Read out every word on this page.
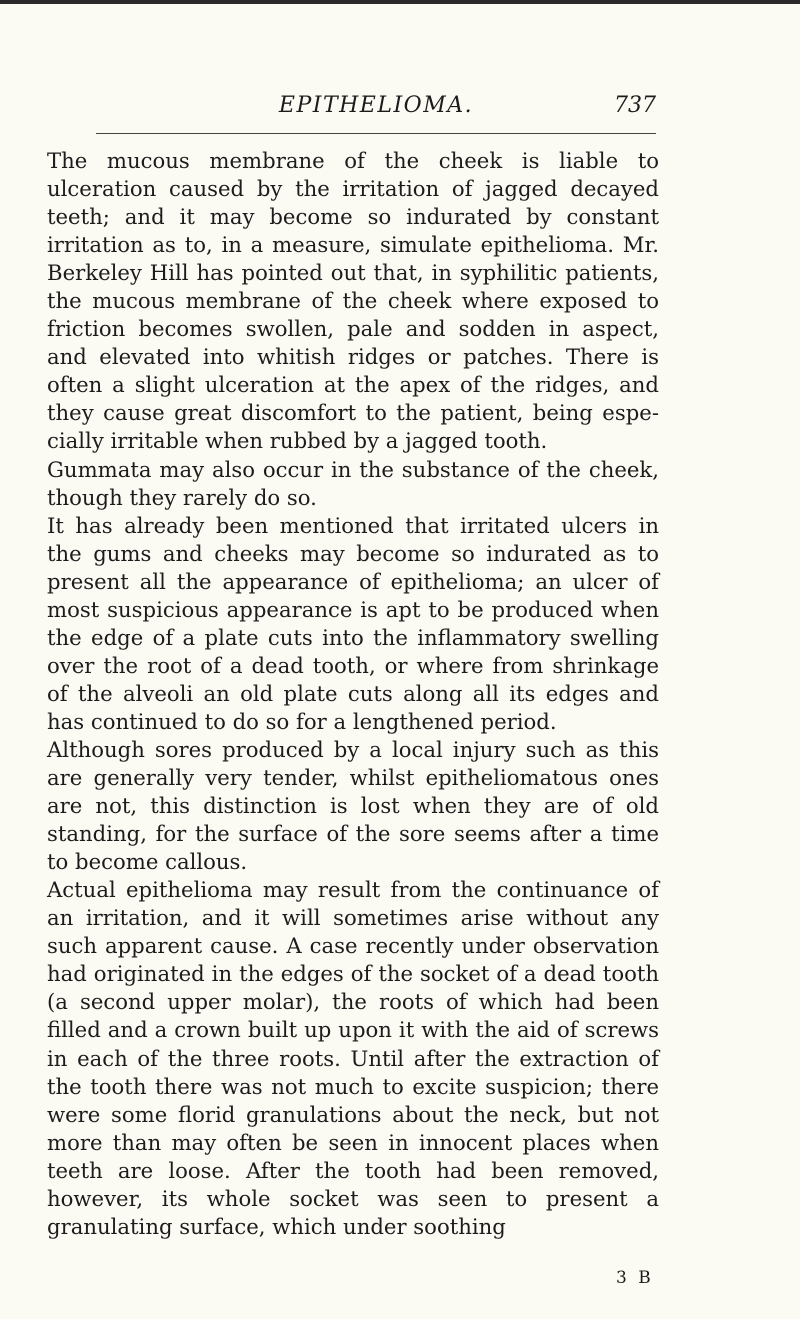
EPITHELIOMA.	737

The mucous membrane of the cheek is liable to ulceration caused by the irritation of jagged decayed teeth; and it may become so indurated by constant irritation as to, in a measure, simulate epithelioma. Mr. Berkeley Hill has pointed out that, in syphilitic patients, the mucous membrane of the cheek where exposed to friction becomes swollen, pale and sodden in aspect, and elevated into whitish ridges or patches. There is often a slight ulceration at the apex of the ridges, and they cause great discomfort to the patient, being especially irritable when rubbed by a jagged tooth.

Gummata may also occur in the substance of the cheek, though they rarely do so.

It has already been mentioned that irritated ulcers in the gums and cheeks may become so indurated as to present all the appearance of epithelioma; an ulcer of most suspicious appearance is apt to be produced when the edge of a plate cuts into the inflammatory swelling over the root of a dead tooth, or where from shrinkage of the alveoli an old plate cuts along all its edges and has continued to do so for a lengthened period.

Although sores produced by a local injury such as this are generally very tender, whilst epitheliomatous ones are not, this distinction is lost when they are of old standing, for the surface of the sore seems after a time to become callous.

Actual epithelioma may result from the continuance of an irritation, and it will sometimes arise without any such apparent cause. A case recently under observation had originated in the edges of the socket of a dead tooth (a second upper molar), the roots of which had been filled and a crown built up upon it with the aid of screws in each of the three roots. Until after the extraction of the tooth there was not much to excite suspicion; there were some florid granulations about the neck, but not more than may often be seen in innocent places when teeth are loose. After the tooth had been removed, however, its whole socket was seen to present a granulating surface, which under soothing

3 B
